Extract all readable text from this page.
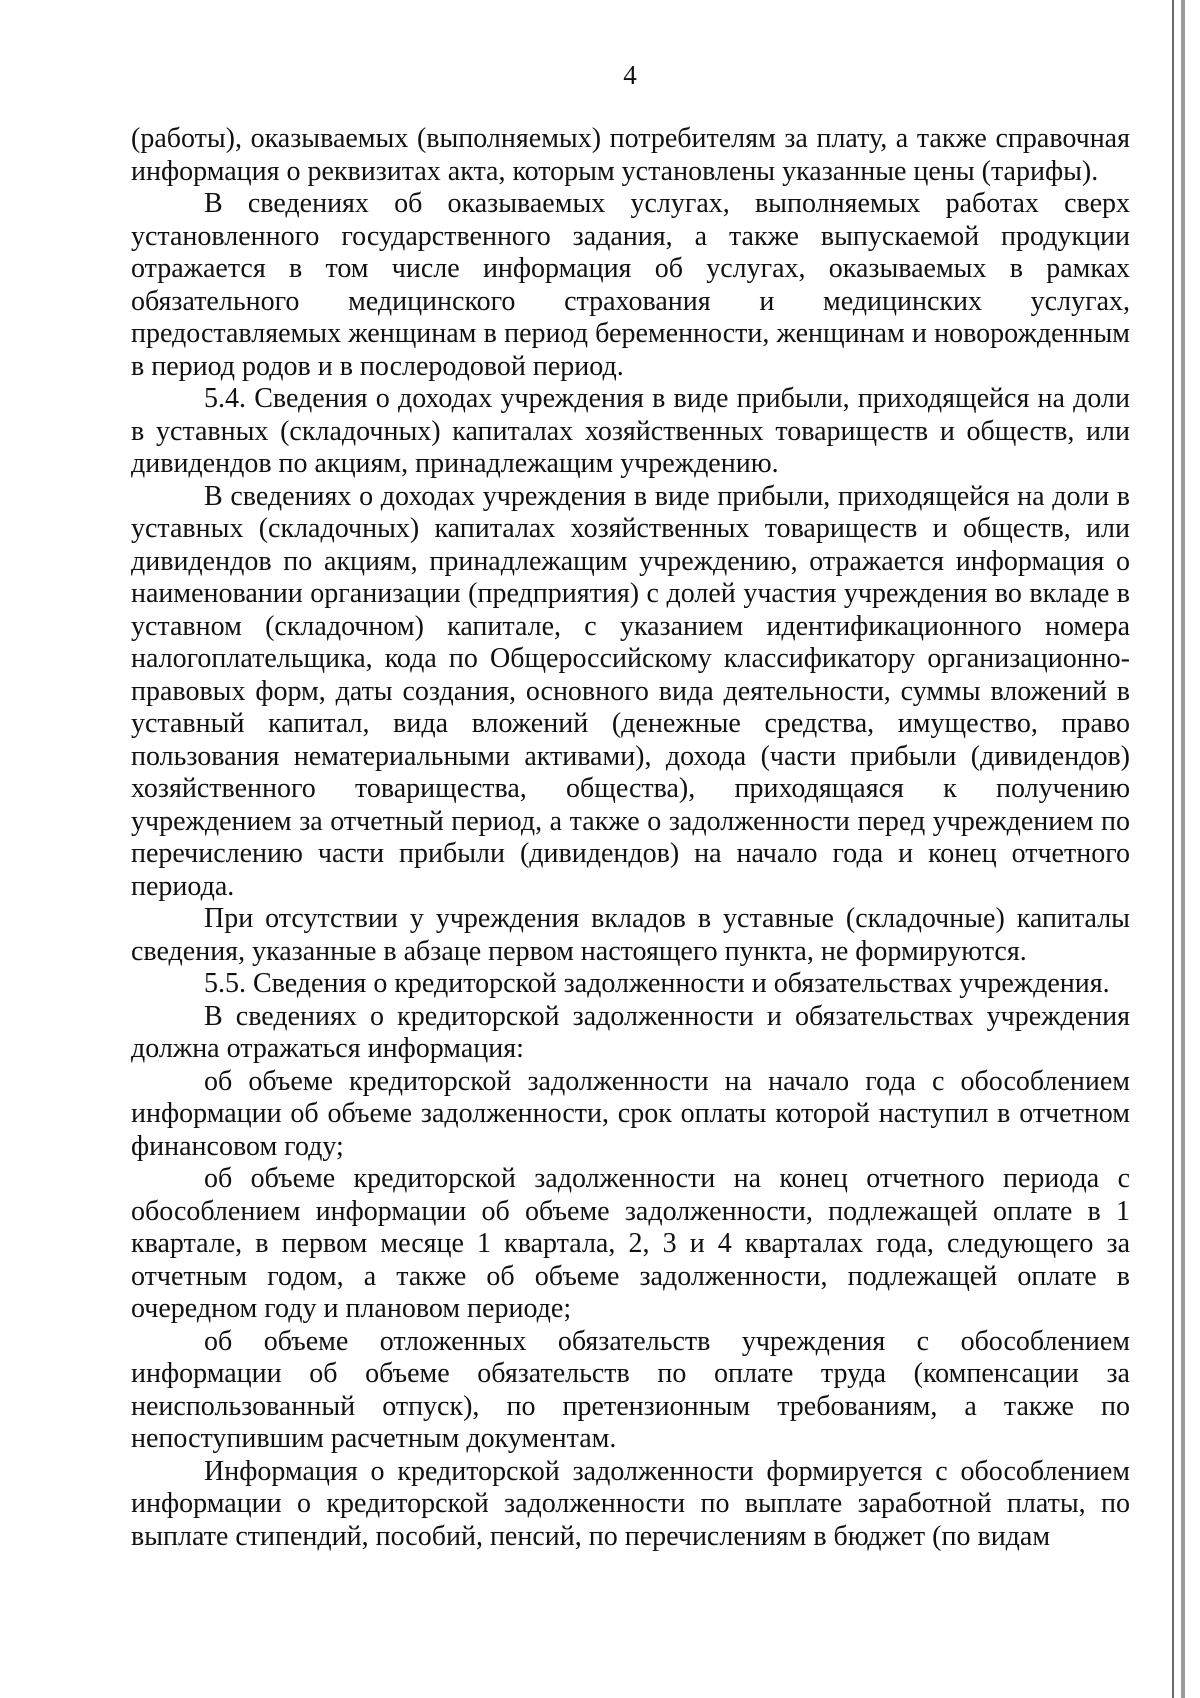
4

(работы), оказываемых (выполняемых) потребителям за плату, а также справочная информация о реквизитах акта, которым установлены указанные цены (тарифы).

В сведениях об оказываемых услугах, выполняемых работах сверх установленного государственного задания, а также выпускаемой продукции отражается в том числе информация об услугах, оказываемых в рамках обязательного медицинского страхования и медицинских услугах, предоставляемых женщинам в период беременности, женщинам и новорожденным в период родов и в послеродовой период.

5.4. Сведения о доходах учреждения в виде прибыли, приходящейся на доли в уставных (складочных) капиталах хозяйственных товариществ и обществ, или дивидендов по акциям, принадлежащим учреждению.

В сведениях о доходах учреждения в виде прибыли, приходящейся на доли в уставных (складочных) капиталах хозяйственных товариществ и обществ, или дивидендов по акциям, принадлежащим учреждению, отражается информация о наименовании организации (предприятия) с долей участия учреждения во вкладе в уставном (складочном) капитале, с указанием идентификационного номера налогоплательщика, кода по Общероссийскому классификатору организационно-правовых форм, даты создания, основного вида деятельности, суммы вложений в уставный капитал, вида вложений (денежные средства, имущество, право пользования нематериальными активами), дохода (части прибыли (дивидендов) хозяйственного товарищества, общества), приходящаяся к получению учреждением за отчетный период, а также о задолженности перед учреждением по перечислению части прибыли (дивидендов) на начало года и конец отчетного периода.

При отсутствии у учреждения вкладов в уставные (складочные) капиталы сведения, указанные в абзаце первом настоящего пункта, не формируются.

5.5. Сведения о кредиторской задолженности и обязательствах учреждения.

В сведениях о кредиторской задолженности и обязательствах учреждения должна отражаться информация:

об объеме кредиторской задолженности на начало года с обособлением информации об объеме задолженности, срок оплаты которой наступил в отчетном финансовом году;

об объеме кредиторской задолженности на конец отчетного периода с обособлением информации об объеме задолженности, подлежащей оплате в 1 квартале, в первом месяце 1 квартала, 2, 3 и 4 кварталах года, следующего за отчетным годом, а также об объеме задолженности, подлежащей оплате в очередном году и плановом периоде;

об объеме отложенных обязательств учреждения с обособлением информации об объеме обязательств по оплате труда (компенсации за неиспользованный отпуск), по претензионным требованиям, а также по непоступившим расчетным документам.

Информация о кредиторской задолженности формируется с обособлением информации о кредиторской задолженности по выплате заработной платы, по выплате стипендий, пособий, пенсий, по перечислениям в бюджет (по видам
